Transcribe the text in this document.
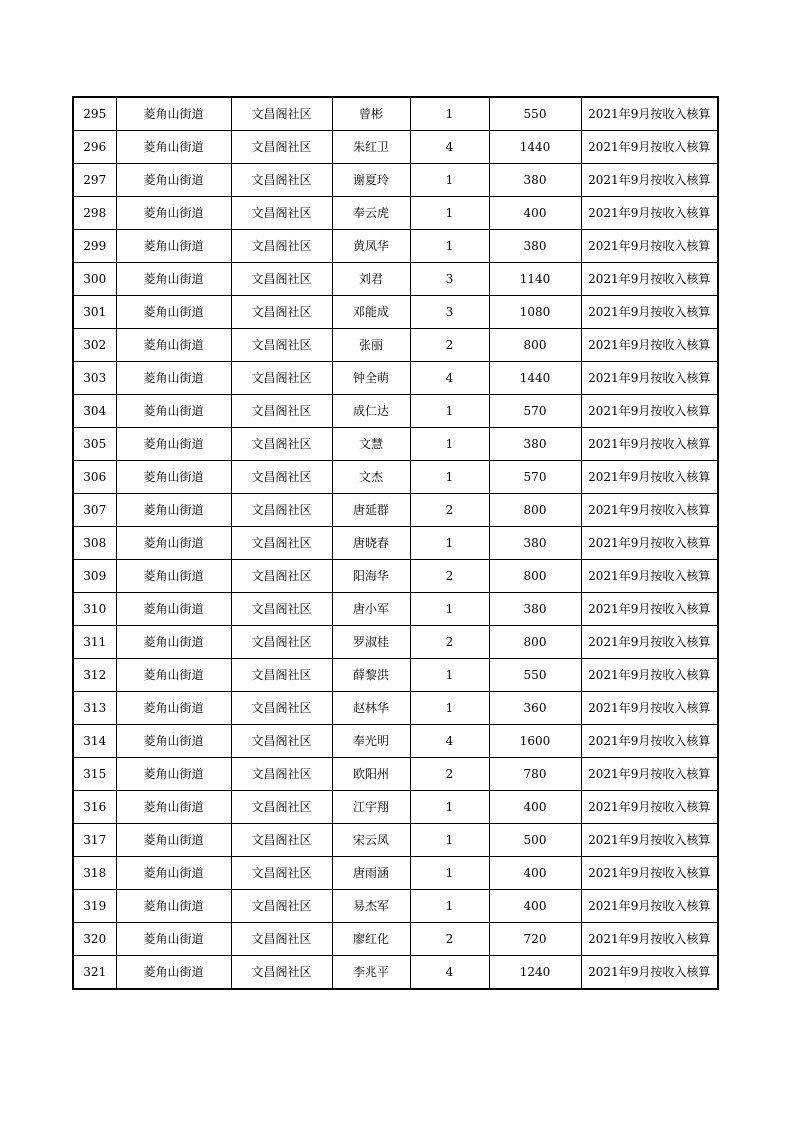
295	菱角山街道	文昌阁社区	曾彬	1	550	2021年9月按收入核算
296	菱角山街道	文昌阁社区	朱红卫	4	1440	2021年9月按收入核算
297	菱角山街道	文昌阁社区	谢夏玲	1	380	2021年9月按收入核算
298	菱角山街道	文昌阁社区	奉云虎	1	400	2021年9月按收入核算
299	菱角山街道	文昌阁社区	黄凤华	1	380	2021年9月按收入核算
300	菱角山街道	文昌阁社区	刘君	3	1140	2021年9月按收入核算
301	菱角山街道	文昌阁社区	邓能成	3	1080	2021年9月按收入核算
302	菱角山街道	文昌阁社区	张丽	2	800	2021年9月按收入核算
303	菱角山街道	文昌阁社区	钟全萌	4	1440	2021年9月按收入核算
304	菱角山街道	文昌阁社区	成仁达	1	570	2021年9月按收入核算
305	菱角山街道	文昌阁社区	文慧	1	380	2021年9月按收入核算
306	菱角山街道	文昌阁社区	文杰	1	570	2021年9月按收入核算
307	菱角山街道	文昌阁社区	唐延群	2	800	2021年9月按收入核算
308	菱角山街道	文昌阁社区	唐晓春	1	380	2021年9月按收入核算
309	菱角山街道	文昌阁社区	阳海华	2	800	2021年9月按收入核算
310	菱角山街道	文昌阁社区	唐小军	1	380	2021年9月按收入核算
311	菱角山街道	文昌阁社区	罗淑桂	2	800	2021年9月按收入核算
312	菱角山街道	文昌阁社区	薛黎洪	1	550	2021年9月按收入核算
313	菱角山街道	文昌阁社区	赵林华	1	360	2021年9月按收入核算
314	菱角山街道	文昌阁社区	奉光明	4	1600	2021年9月按收入核算
315	菱角山街道	文昌阁社区	欧阳州	2	780	2021年9月按收入核算
316	菱角山街道	文昌阁社区	江宇翔	1	400	2021年9月按收入核算
317	菱角山街道	文昌阁社区	宋云凤	1	500	2021年9月按收入核算
318	菱角山街道	文昌阁社区	唐雨涵	1	400	2021年9月按收入核算
319	菱角山街道	文昌阁社区	易杰军	1	400	2021年9月按收入核算
320	菱角山街道	文昌阁社区	廖红化	2	720	2021年9月按收入核算
321	菱角山街道	文昌阁社区	李兆平	4	1240	2021年9月按收入核算
